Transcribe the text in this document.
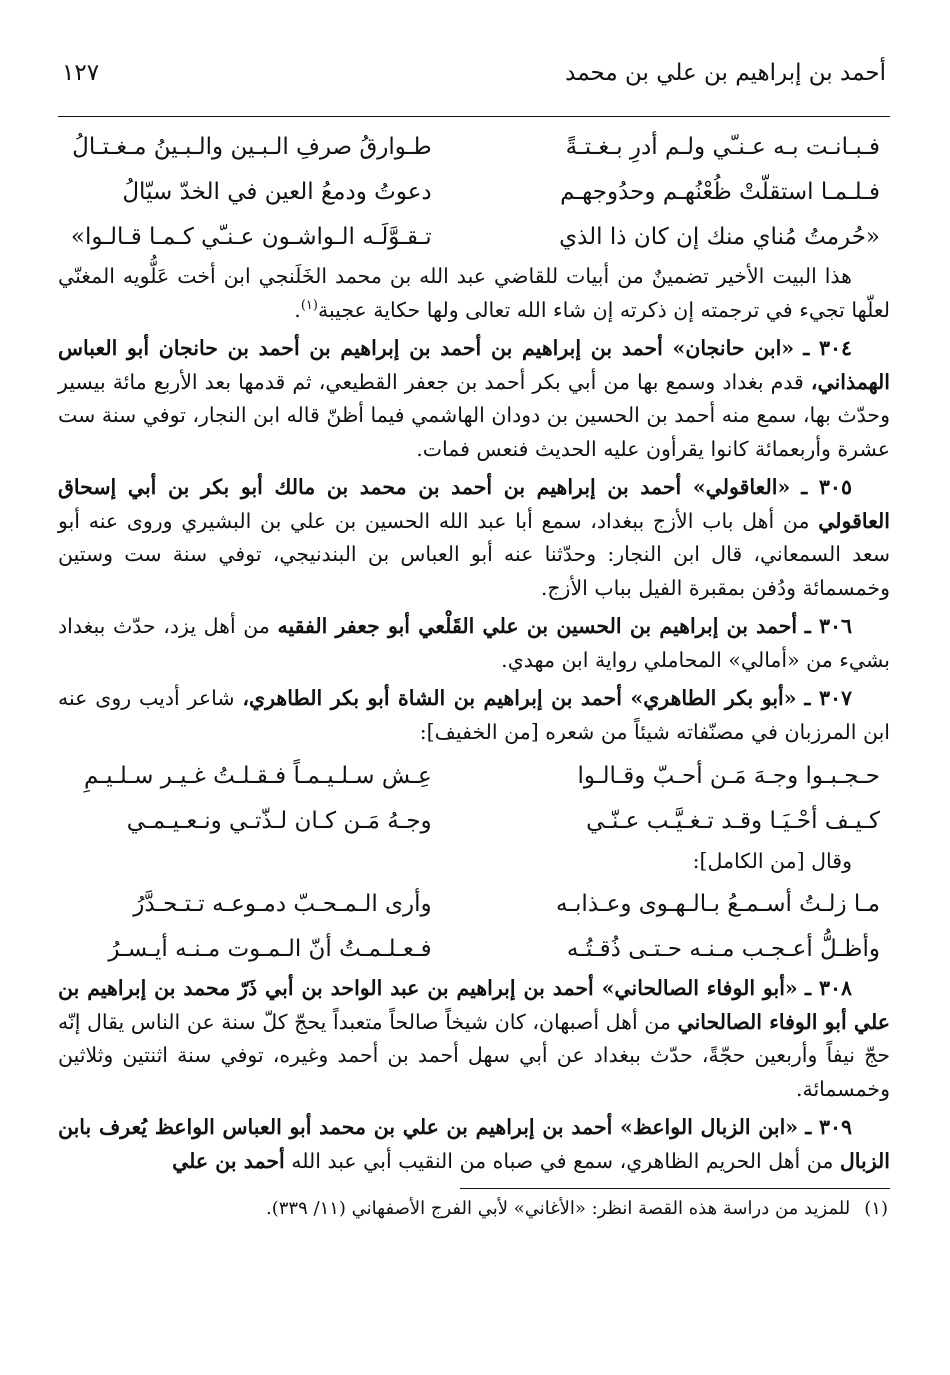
أحمد بن إبراهيم بن علي بن محمد
١٢٧
فـبـانـت بـه عـنـّي ولـم أدرِ بـغـتـةً
طـوارقُ صرفِ الـبـين والـبـينُ مـغـتـالُ
فـلـمـا استقلّتْ ظُعْنُهـم وحدُوجهـم
دعوتُ ودمعُ العين في الخدّ سيّالُ
«حُرمتُ مُناي منك إن كان ذا الذي
تـقـوَّلَـه الـواشـون عـنـّي كـمـا قـالـوا»

هذا البيت الأخير تضمينٌ من أبيات للقاضي عبد الله بن محمد الخَلَنجي ابن أخت عَلُّويه المغنّي لعلّها تجيء في ترجمته إن ذكرته إن شاء الله تعالى ولها حكاية عجيبة$^{(١)}$.

٣٠٤ ـ «ابن حانجان» أحمد بن إبراهيم بن أحمد بن إبراهيم بن أحمد بن حانجان أبو العباس الهمذاني، قدم بغداد وسمع بها من أبي بكر أحمد بن جعفر القطيعي، ثم قدمها بعد الأربع مائة بيسير وحدّث بها، سمع منه أحمد بن الحسين بن دودان الهاشمي فيما أظنّ قاله ابن النجار، توفي سنة ست عشرة وأربعمائة كانوا يقرأون عليه الحديث فنعس فمات.

٣٠٥ ـ «العاقولي» أحمد بن إبراهيم بن أحمد بن محمد بن مالك أبو بكر بن أبي إسحاق العاقولي من أهل باب الأزج ببغداد، سمع أبا عبد الله الحسين بن علي بن البشيري وروى عنه أبو سعد السمعاني، قال ابن النجار: وحدّثنا عنه أبو العباس بن البندنيجي، توفي سنة ست وستين وخمسمائة ودُفن بمقبرة الفيل بباب الأزج.

٣٠٦ ـ أحمد بن إبراهيم بن الحسين بن علي القَلْعي أبو جعفر الفقيه من أهل يزد، حدّث ببغداد بشيء من «أمالي» المحاملي رواية ابن مهدي.

٣٠٧ ـ «أبو بكر الطاهري» أحمد بن إبراهيم بن الشاة أبو بكر الطاهري، شاعر أديب روى عنه ابن المرزبان في مصنّفاته شيئاً من شعره [من الخفيف]:

حـجـبـوا وجـهَ مَـن أحـبّ وقـالـوا
عِـش سـلـيـمـاً فـقـلـتُ غـيـر سـلـيـمِ
كـيـف أحْـيَـا وقـد تـغـيَّـب عـنّـي
وجـهُ مَـن كـان لـذّتـي ونـعـيـمـي

وقال [من الكامل]:

مـا زلـتُ أسـمـعُ بـالـهـوى وعـذابـه
وأرى الـمـحـبّ دمـوعـه تـتـحـدَّرُ
وأظـلُّ أعـجـب مـنـه حـتـى ذُقـتُـه
فـعـلـمـتُ أنّ الـمـوت مـنـه أيـسـرُ

٣٠٨ ـ «أبو الوفاء الصالحاني» أحمد بن إبراهيم بن عبد الواحد بن أبي ذَرّ محمد بن إبراهيم بن علي أبو الوفاء الصالحاني من أهل أصبهان، كان شيخاً صالحاً متعبداً يحجّ كلّ سنة عن الناس يقال إنّه حجّ نيفاً وأربعين حجّةً، حدّث ببغداد عن أبي سهل أحمد بن أحمد وغيره، توفي سنة اثنتين وثلاثين وخمسمائة.

٣٠٩ ـ «ابن الزبال الواعظ» أحمد بن إبراهيم بن علي بن محمد أبو العباس الواعظ يُعرف بابن الزبال من أهل الحريم الظاهري، سمع في صباه من النقيب أبي عبد الله أحمد بن علي

(١)
للمزيد من دراسة هذه القصة انظر: «الأغاني» لأبي الفرج الأصفهاني (١١/ ٣٣٩).
